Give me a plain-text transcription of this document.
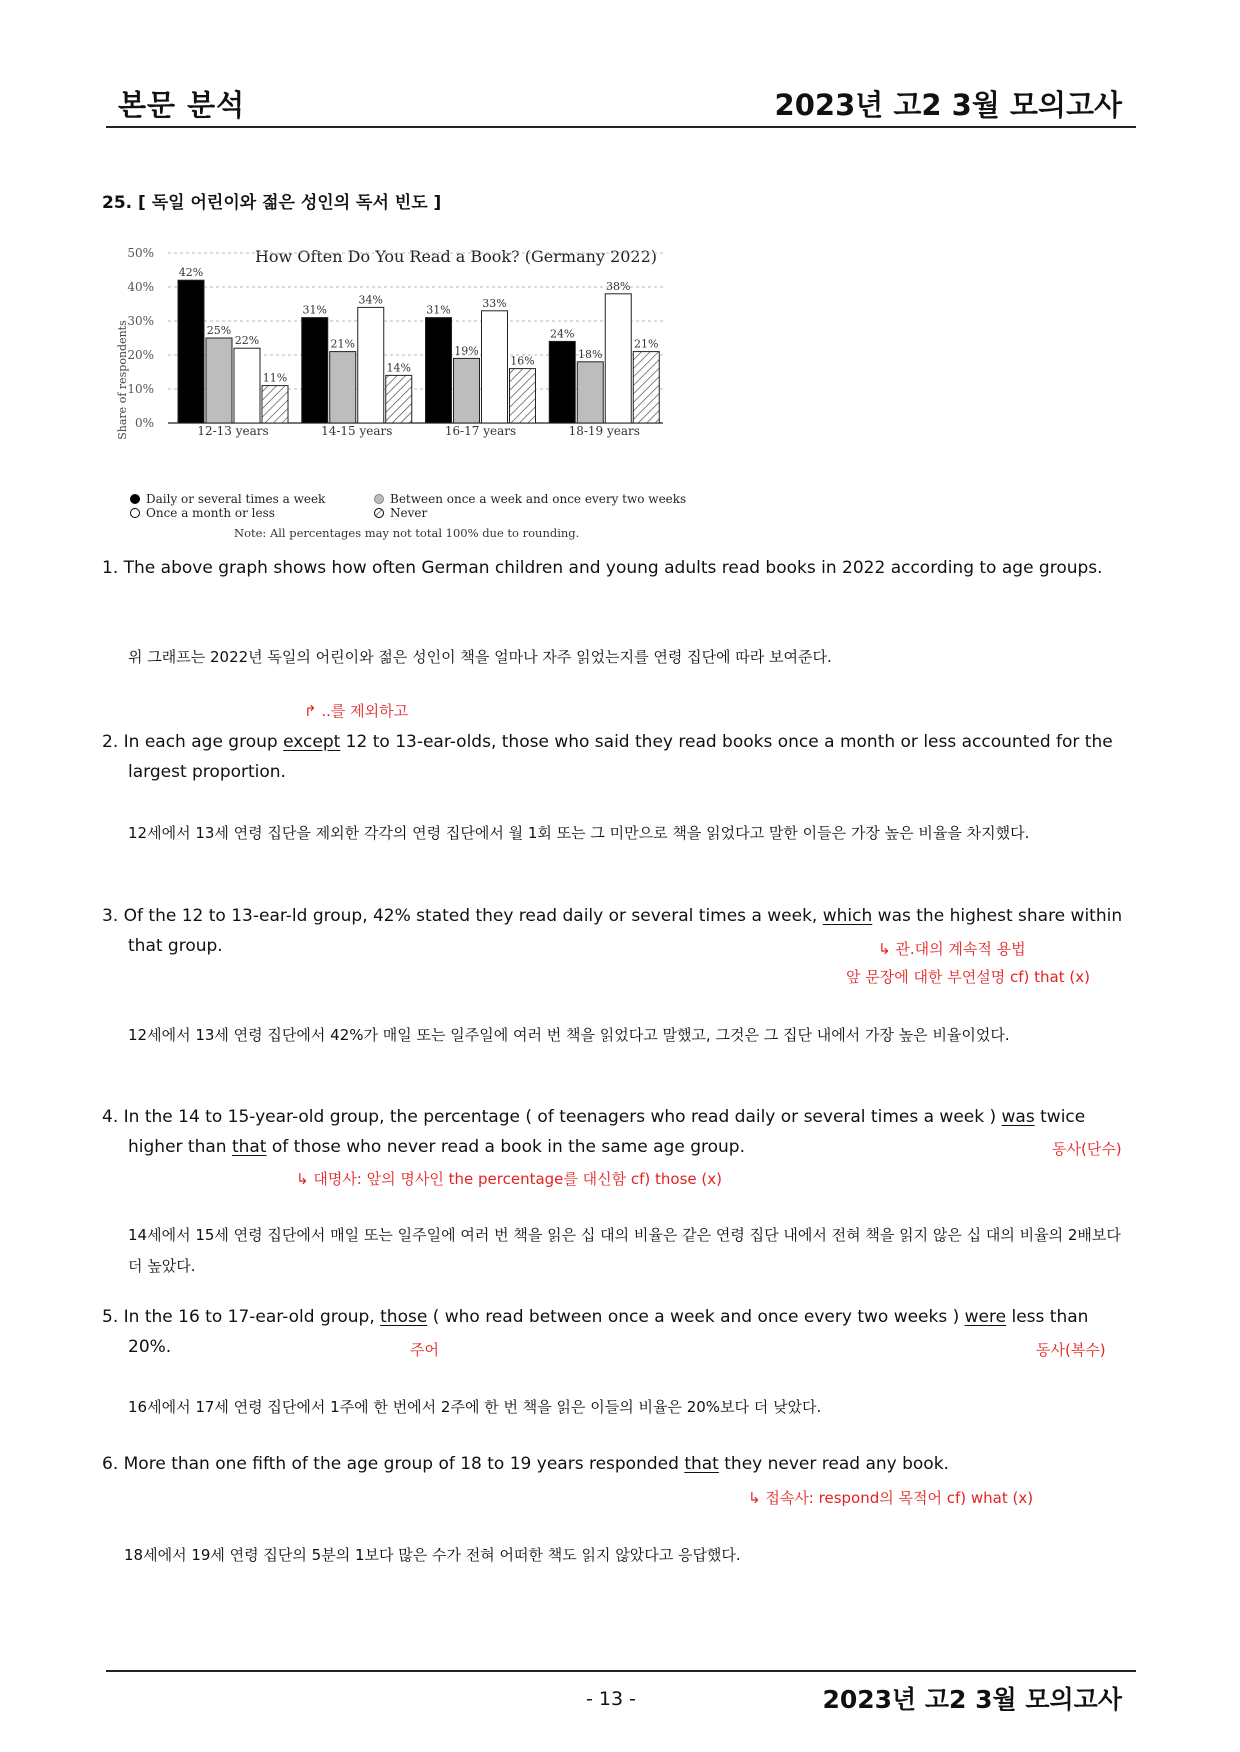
본문 분석	2023년 고2 3월 모의고사
25. [ 독일 어린이와 젊은 성인의 독서 빈도 ]
How Often Do You Read a Book? (Germany 2022)
Share of respondents
50%
40%
30%
20%
10%
0%
42%
25%
22%
11%
12-13 years
31%
21%
34%
14%
14-15 years
31%
19%
33%
16%
16-17 years
24%
18%
38%
21%
18-19 years
Daily or several times a week	Between once a week and once every two weeks
Once a month or less	Never
Note: All percentages may not total 100% due to rounding.
1. The above graph shows how often German children and young adults read books in 2022 according to age groups.
위 그래프는 2022년 독일의 어린이와 젊은 성인이 책을 얼마나 자주 읽었는지를 연령 집단에 따라 보여준다.
↱ ..를 제외하고
2. In each age group except 12 to 13-ear-olds, those who said they read books once a month or less accounted for the largest proportion.
12세에서 13세 연령 집단을 제외한 각각의 연령 집단에서 월 1회 또는 그 미만으로 책을 읽었다고 말한 이들은 가장 높은 비율을 차지했다.
3. Of the 12 to 13-ear-ld group, 42% stated they read daily or several times a week, which was the highest share within that group.	↳ 관.대의 계속적 용법
앞 문장에 대한 부연설명 cf) that (x)
12세에서 13세 연령 집단에서 42%가 매일 또는 일주일에 여러 번 책을 읽었다고 말했고, 그것은 그 집단 내에서 가장 높은 비율이었다.
4. In the 14 to 15-year-old group, the percentage ( of teenagers who read daily or several times a week ) was twice higher than that of those who never read a book in the same age group.	동사(단수)
↳ 대명사: 앞의 명사인 the percentage를 대신함 cf) those (x)
14세에서 15세 연령 집단에서 매일 또는 일주일에 여러 번 책을 읽은 십 대의 비율은 같은 연령 집단 내에서 전혀 책을 읽지 않은 십 대의 비율의 2배보다 더 높았다.
5. In the 16 to 17-ear-old group, those ( who read between once a week and once every two weeks ) were less than 20%.	주어	동사(복수)
16세에서 17세 연령 집단에서 1주에 한 번에서 2주에 한 번 책을 읽은 이들의 비율은 20%보다 더 낮았다.
6. More than one fifth of the age group of 18 to 19 years responded that they never read any book.
↳ 접속사: respond의 목적어 cf) what (x)
18세에서 19세 연령 집단의 5분의 1보다 많은 수가 전혀 어떠한 책도 읽지 않았다고 응답했다.
- 13 -	2023년 고2 3월 모의고사
